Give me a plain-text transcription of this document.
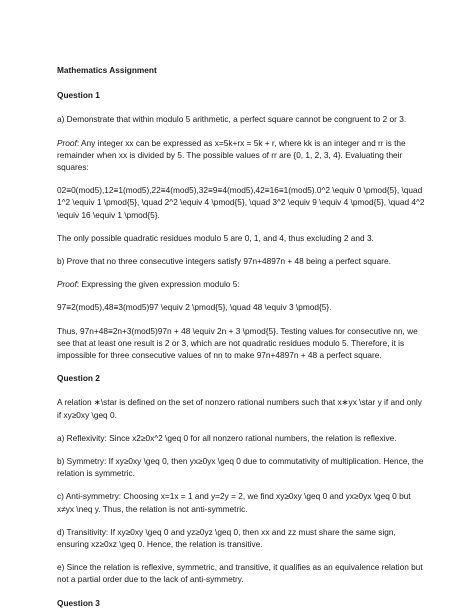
Mathematics Assignment
Question 1

a) Demonstrate that within modulo 5 arithmetic, a perfect square cannot be congruent to 2 or 3.

Proof: Any integer xx can be expressed as x=5k+rx = 5k + r, where kk is an integer and rr is the remainder when xx is divided by 5. The possible values of rr are {0, 1, 2, 3, 4}. Evaluating their squares:

02≡0(mod5),12≡1(mod5),22≡4(mod5),32≡9≡4(mod5),42≡16≡1(mod5).0^2 \equiv 0 \pmod{5}, \quad 1^2 \equiv 1 \pmod{5}, \quad 2^2 \equiv 4 \pmod{5}, \quad 3^2 \equiv 9 \equiv 4 \pmod{5}, \quad 4^2 \equiv 16 \equiv 1 \pmod{5}.

The only possible quadratic residues modulo 5 are 0, 1, and 4, thus excluding 2 and 3.

b) Prove that no three consecutive integers satisfy 97n+4897n + 48 being a perfect square.

Proof: Expressing the given expression modulo 5:

97≡2(mod5),48≡3(mod5)97 \equiv 2 \pmod{5}, \quad 48 \equiv 3 \pmod{5}.

Thus, 97n+48≡2n+3(mod5)97n + 48 \equiv 2n + 3 \pmod{5}. Testing values for consecutive nn, we see that at least one result is 2 or 3, which are not quadratic residues modulo 5. Therefore, it is impossible for three consecutive values of nn to make 97n+4897n + 48 a perfect square.

Question 2

A relation ∗\star is defined on the set of nonzero rational numbers such that x∗yx \star y if and only if xy≥0xy \geq 0.

a) Reflexivity: Since x2≥0x^2 \geq 0 for all nonzero rational numbers, the relation is reflexive.

b) Symmetry: If xy≥0xy \geq 0, then yx≥0yx \geq 0 due to commutativity of multiplication. Hence, the relation is symmetric.

c) Anti-symmetry: Choosing x=1x = 1 and y=2y = 2, we find xy≥0xy \geq 0 and yx≥0yx \geq 0 but x≠yx \neq y. Thus, the relation is not anti-symmetric.

d) Transitivity: If xy≥0xy \geq 0 and yz≥0yz \geq 0, then xx and zz must share the same sign, ensuring xz≥0xz \geq 0. Hence, the relation is transitive.

e) Since the relation is reflexive, symmetric, and transitive, it qualifies as an equivalence relation but not a partial order due to the lack of anti-symmetry.

Question 3
